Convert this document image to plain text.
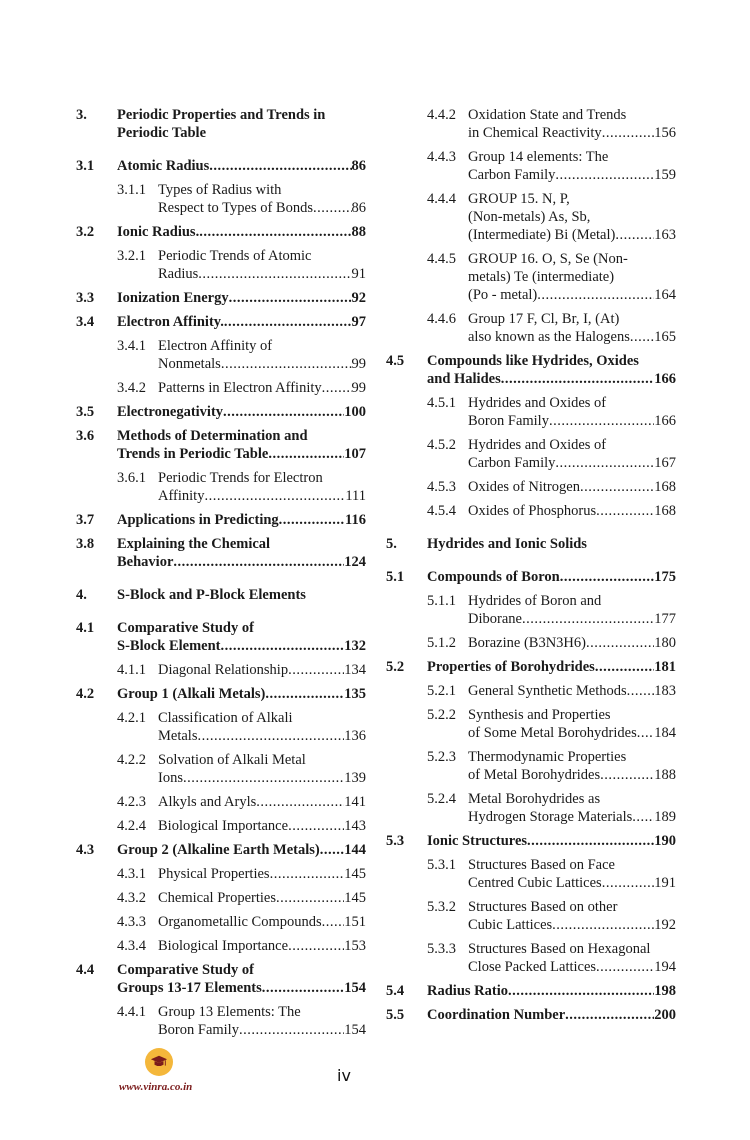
3.	Periodic Properties and Trends in
Periodic Table
3.1	Atomic Radius .....	86
3.1.1 Types of Radius with
Respect to Types of Bonds .....	86
3.2	Ionic Radius. .....	88
3.2.1 Periodic Trends of Atomic
Radius .....	91
3.3	Ionization Energy .....	92
3.4	Electron Affinity. .....	97
3.4.1 Electron Affinity of
Nonmetals .....	99
3.4.2 Patterns in Electron Affinity ..... 99
3.5	Electronegativity .....	100
3.6	Methods of Determination and
Trends in Periodic Table .....	107
3.6.1 Periodic Trends for Electron
Affinity .....	111
3.7	Applications in Predicting .....	116
3.8	Explaining the Chemical
Behavior .....	124
4.	S-Block and P-Block Elements
4.1	Comparative Study of
S-Block Element .....	132
4.1.1 Diagonal Relationship .....	134
4.2	Group 1 (Alkali Metals) .....	135
4.2.1 Classification of Alkali
Metals .....	136
4.2.2 Solvation of Alkali Metal
Ions .....	139
4.2.3 Alkyls and Aryls .....	141
4.2.4 Biological Importance .....	143
4.3	Group 2 (Alkaline Earth Metals) ..... 144
4.3.1 Physical Properties .....	145
4.3.2 Chemical Properties .....	145
4.3.3 Organometallic Compounds ..... 151
4.3.4 Biological Importance .....	153
4.4	Comparative Study of
Groups 13-17 Elements .....	154
4.4.1 Group 13 Elements: The
Boron Family .....	154
4.4.2 Oxidation State and Trends
in Chemical Reactivity .....	156
4.4.3 Group 14 elements: The
Carbon Family .....	159
4.4.4 GROUP 15. N, P,
(Non-metals) As, Sb,
(Intermediate) Bi (Metal) .....	163
4.4.5 GROUP 16. O, S, Se (Non-
metals) Te (intermediate)
(Po - metal) .....	164
4.4.6 Group 17 F, Cl, Br, I, (At)
also known as the Halogens ..... 165
4.5	Compounds like Hydrides, Oxides
and Halides .....	166
4.5.1 Hydrides and Oxides of
Boron Family .....	166
4.5.2 Hydrides and Oxides of
Carbon Family .....	167
4.5.3 Oxides of Nitrogen .....	168
4.5.4 Oxides of Phosphorus .....	168
5.	Hydrides and Ionic Solids
5.1	Compounds of Boron .....	175
5.1.1 Hydrides of Boron and
Diborane .....	177
5.1.2 Borazine (B3N3H6) .....	180
5.2	Properties of Borohydrides .....	181
5.2.1 General Synthetic Methods ..... 183
5.2.2 Synthesis and Properties
of Some Metal Borohydrides ..... 184
5.2.3 Thermodynamic Properties
of Metal Borohydrides .....	188
5.2.4 Metal Borohydrides as
Hydrogen Storage Materials ..... 189
5.3	Ionic Structures .....	190
5.3.1 Structures Based on Face
Centred Cubic Lattices .....	191
5.3.2 Structures Based on other
Cubic Lattices .....	192
5.3.3 Structures Based on Hexagonal
Close Packed Lattices .....	194
5.4	Radius Ratio .....	198
5.5	Coordination Number .....	200
www.vinra.co.in
iv
